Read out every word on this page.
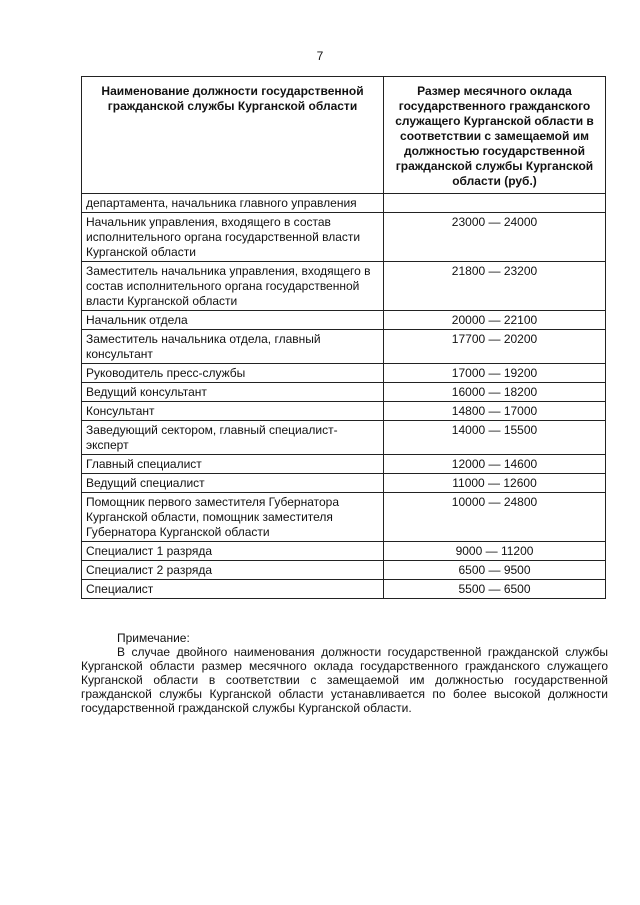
7
Наименование должности государственной гражданской службы Курганской области	Размер месячного оклада государственного гражданского служащего Курганской области в соответствии с замещаемой им должностью государственной гражданской службы Курганской области (руб.)
департамента, начальника главного управления	
Начальник управления, входящего в состав исполнительного органа государственной власти Курганской области	23000 — 24000
Заместитель начальника управления, входящего в состав исполнительного органа государственной власти Курганской области	21800 — 23200
Начальник отдела	20000 — 22100
Заместитель начальника отдела, главный консультант	17700 — 20200
Руководитель пресс-службы	17000 — 19200
Ведущий консультант	16000 — 18200
Консультант	14800 — 17000
Заведующий сектором, главный специалист-эксперт	14000 — 15500
Главный специалист	12000 — 14600
Ведущий специалист	11000 — 12600
Помощник первого заместителя Губернатора Курганской области, помощник заместителя Губернатора Курганской области	10000 — 24800
Специалист 1 разряда	9000 — 11200
Специалист 2 разряда	6500 — 9500
Специалист	5500 — 6500

Примечание:

В случае двойного наименования должности государственной гражданской службы Курганской области размер месячного оклада государственного гражданского служащего Курганской области в соответствии с замещаемой им должностью государственной гражданской службы Курганской области устанавливается по более высокой должности государственной гражданской службы Курганской области.
